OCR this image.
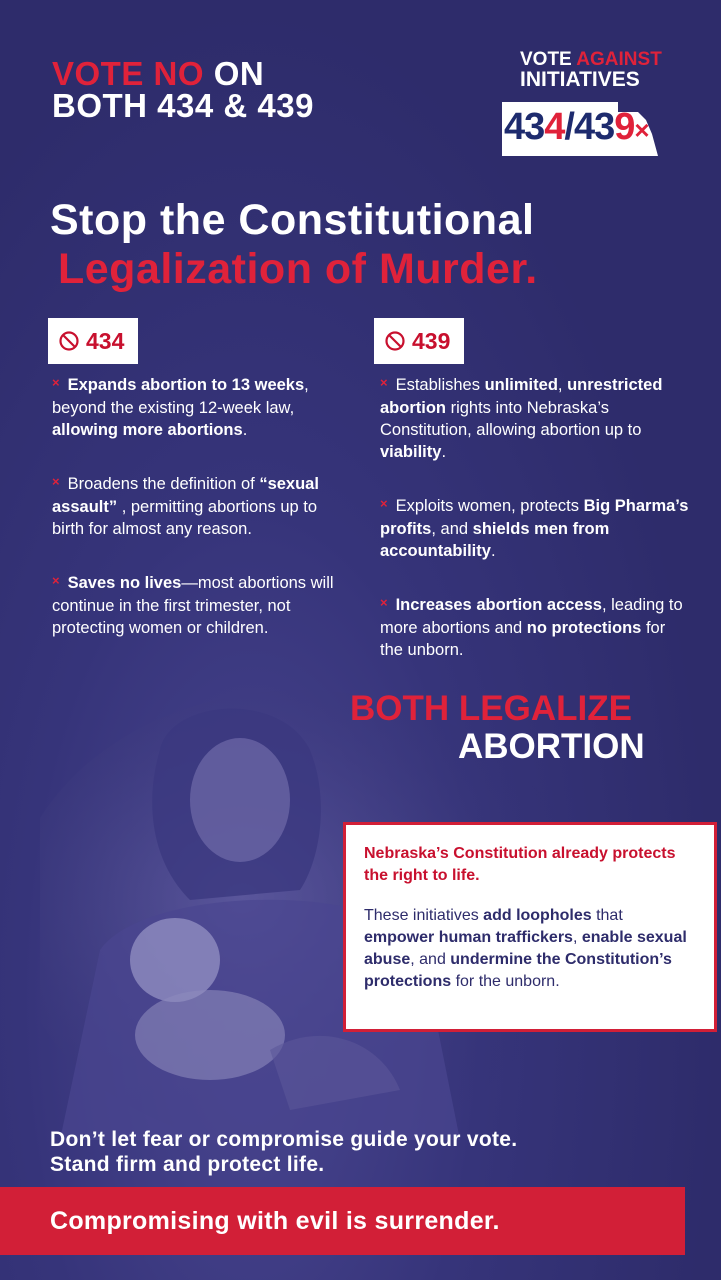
VOTE NO ON
BOTH 434 & 439
VOTE AGAINST
INITIATIVES
434/439×
Stop the Constitutional
Legalization of Murder.
434	439

× Expands abortion to 13 weeks, beyond the existing 12-week law, allowing more abortions.

× Broadens the definition of “sexual assault” , permitting abortions up to birth for almost any reason.

× Saves no lives—most abortions will continue in the first trimester, not protecting women or children.

× Establishes unlimited, unrestricted abortion rights into Nebraska’s Constitution, allowing abortion up to viability.

× Exploits women, protects Big Pharma’s profits, and shields men from accountability.

× Increases abortion access, leading to more abortions and no protections for the unborn.

BOTH LEGALIZE
ABORTION
Nebraska’s Constitution already protects the right to life.
These initiatives add loopholes that empower human traffickers, enable sexual abuse, and undermine the Constitution’s protections for the unborn.
Don’t let fear or compromise guide your vote.
Stand firm and protect life.
Compromising with evil is surrender.
